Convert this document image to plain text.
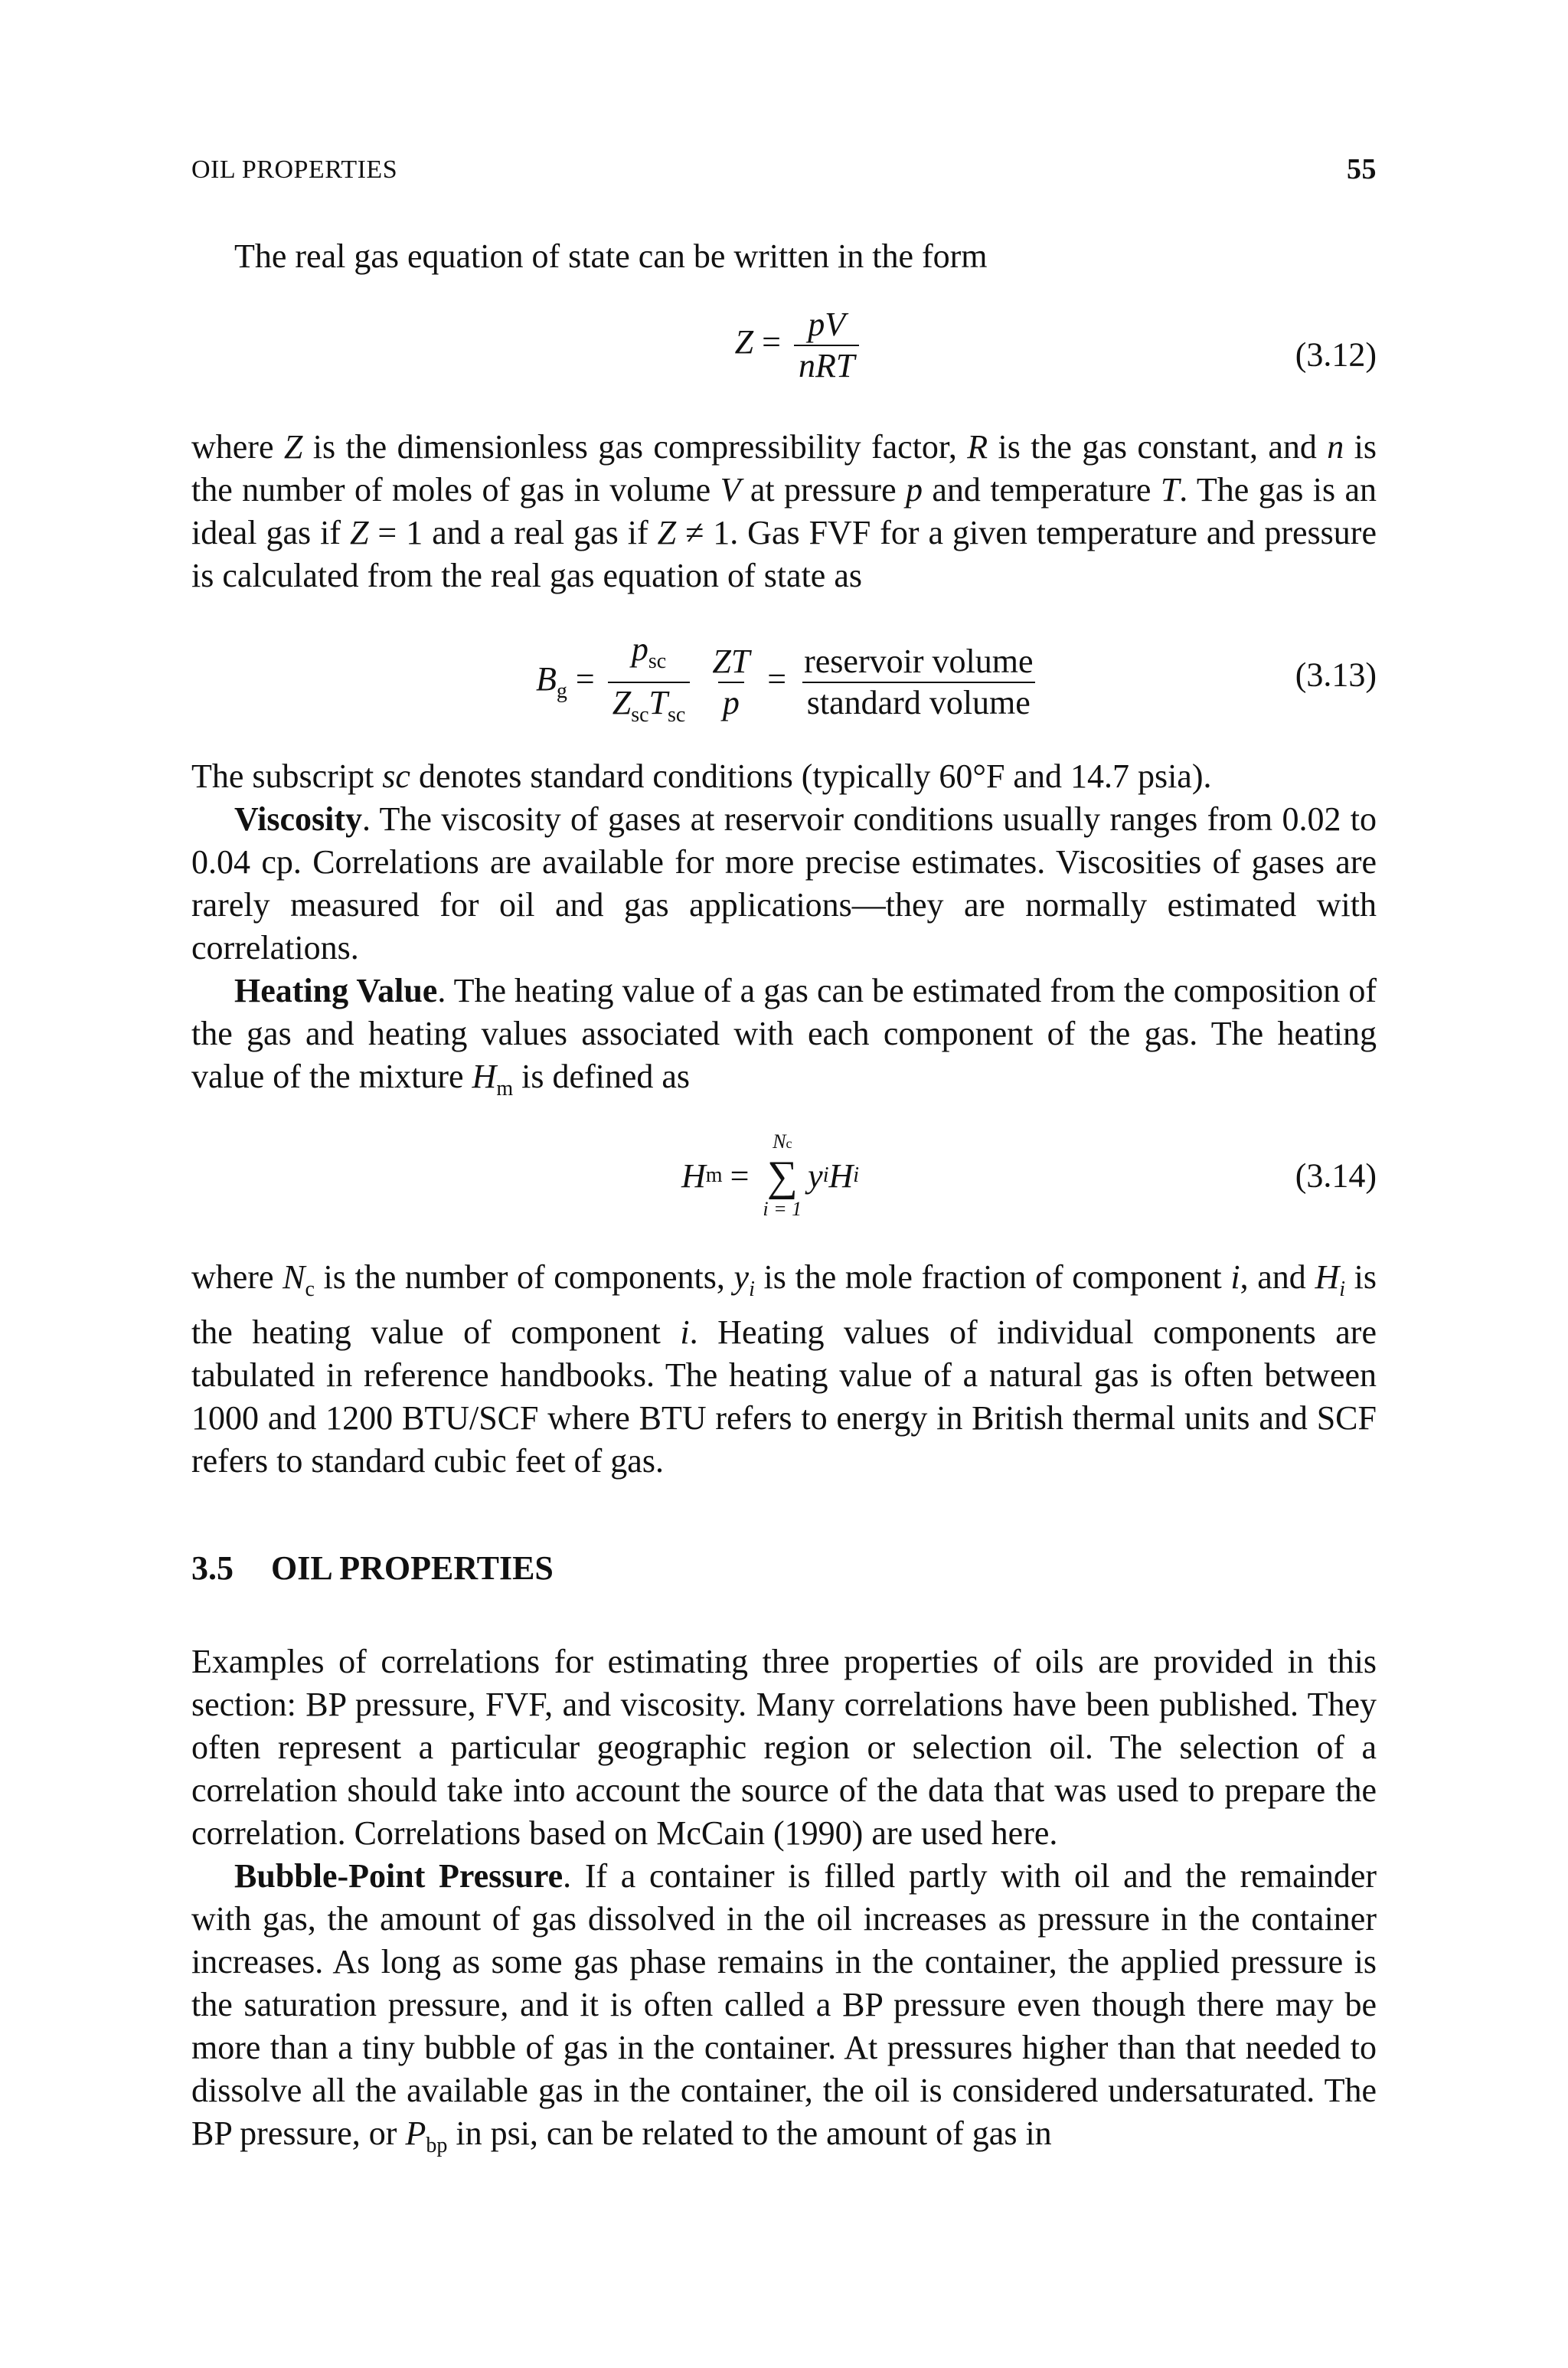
OIL PROPERTIES	55

The real gas equation of state can be written in the form

$Z = \frac{pV}{\text{nRT}}$	(3.12)

where Z is the dimensionless gas compressibility factor, R is the gas constant, and n is the number of moles of gas in volume V at pressure p and temperature T. The gas is an ideal gas if Z = 1 and a real gas if Z ≠ 1. Gas FVF for a given temperature and pressure is calculated from the real gas equation of state as

$B_g = \frac{p_{sc}}{Z_{sc}T_{sc}}$
$\frac{ZT}{p} = \frac{\text{reservoir volume}}{\text{standard volume}}$	(3.13)

The subscript sc denotes standard conditions (typically 60°F and 14.7 psia).

Viscosity. The viscosity of gases at reservoir conditions usually ranges from 0.02 to 0.04 cp. Correlations are available for more precise estimates. Viscosities of gases are rarely measured for oil and gas applications—they are normally estimated with correlations.

Heating Value. The heating value of a gas can be estimated from the composition of the gas and heating values associated with each component of the gas. The heating value of the mixture $H_m$ is defined as

H m =
Nc
∑
i = 1
y i H i	(3.14)

where $N_c$ is the number of components, $y_i$ is the mole fraction of component i, and $H_i$ is the heating value of component i. Heating values of individual components are tabulated in reference handbooks. The heating value of a natural gas is often between 1000 and 1200 BTU/SCF where BTU refers to energy in British thermal units and SCF refers to standard cubic feet of gas.

3.5 OIL PROPERTIES

Examples of correlations for estimating three properties of oils are provided in this section: BP pressure, FVF, and viscosity. Many correlations have been published. They often represent a particular geographic region or selection oil. The selection of a correlation should take into account the source of the data that was used to prepare the correlation. Correlations based on McCain (1990) are used here.

Bubble-Point Pressure. If a container is filled partly with oil and the remainder with gas, the amount of gas dissolved in the oil increases as pressure in the container increases. As long as some gas phase remains in the container, the applied pressure is the saturation pressure, and it is often called a BP pressure even though there may be more than a tiny bubble of gas in the container. At pressures higher than that needed to dissolve all the available gas in the container, the oil is considered undersaturated. The BP pressure, or $P_{bp}$ in psi, can be related to the amount of gas in
